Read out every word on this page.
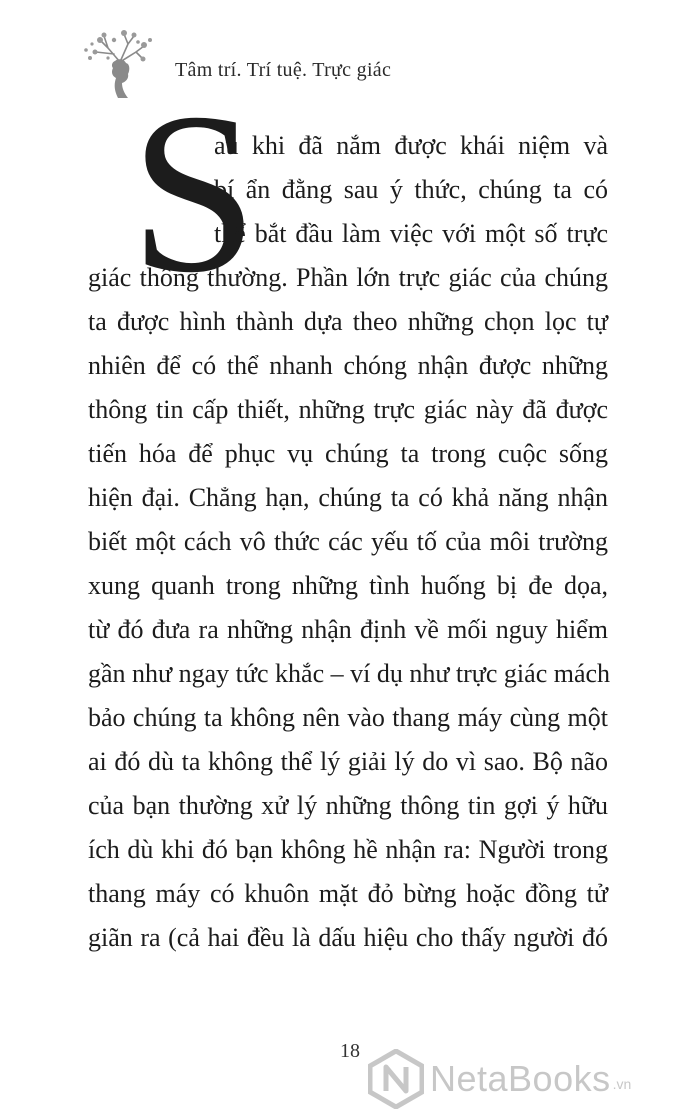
Tâm trí. Trí tuệ. Trực giác
S
au khi đã nắm được khái niệm và
bí ẩn đằng sau ý thức, chúng ta có
thể bắt đầu làm việc với một số trực
giác thông thường. Phần lớn trực giác của chúng
ta được hình thành dựa theo những chọn lọc tự
nhiên để có thể nhanh chóng nhận được những
thông tin cấp thiết, những trực giác này đã được
tiến hóa để phục vụ chúng ta trong cuộc sống
hiện đại. Chẳng hạn, chúng ta có khả năng nhận
biết một cách vô thức các yếu tố của môi trường
xung quanh trong những tình huống bị đe dọa,
từ đó đưa ra những nhận định về mối nguy hiểm
gần như ngay tức khắc – ví dụ như trực giác mách
bảo chúng ta không nên vào thang máy cùng một
ai đó dù ta không thể lý giải lý do vì sao. Bộ não
của bạn thường xử lý những thông tin gợi ý hữu
ích dù khi đó bạn không hề nhận ra: Người trong
thang máy có khuôn mặt đỏ bừng hoặc đồng tử
giãn ra (cả hai đều là dấu hiệu cho thấy người đó
18
NetaBooks .vn
